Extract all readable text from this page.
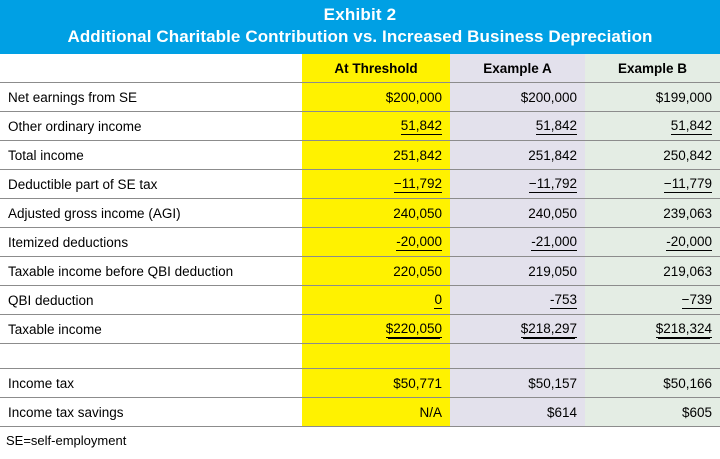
Exhibit 2
Additional Charitable Contribution vs. Increased Business Depreciation
	At Threshold	Example A	Example B
Net earnings from SE	$200,000	$200,000	$199,000
Other ordinary income	51,842	51,842	51,842
Total income	251,842	251,842	250,842
Deductible part of SE tax	−11,792	−11,792	−11,779
Adjusted gross income (AGI)	240,050	240,050	239,063
Itemized deductions	-20,000	-21,000	-20,000
Taxable income before QBI deduction	220,050	219,050	219,063
QBI deduction	0	-753	−739
Taxable income	$220,050	$218,297	$218,324

Income tax	$50,771	$50,157	$50,166
Income tax savings	N/A	$614	$605
SE=self-employment
